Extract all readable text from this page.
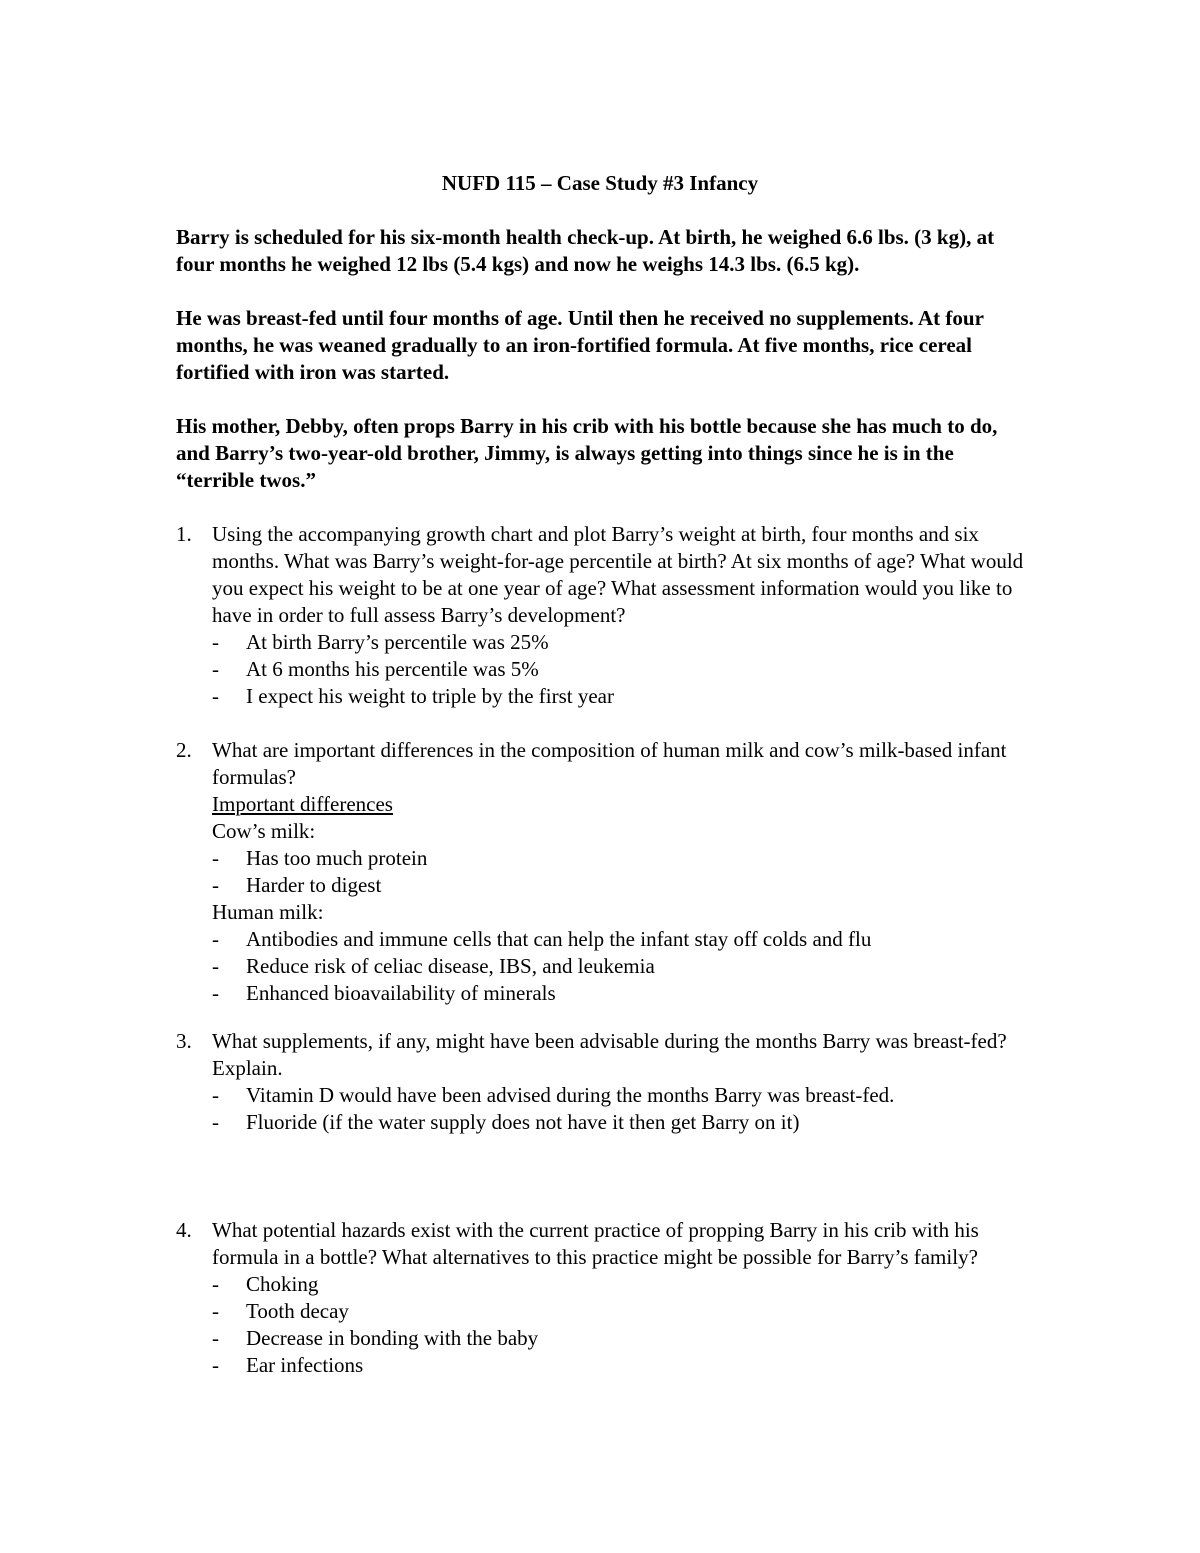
NUFD 115 – Case Study #3 Infancy
Barry is scheduled for his six-month health check-up. At birth, he weighed 6.6 lbs. (3 kg), at four months he weighed 12 lbs (5.4 kgs) and now he weighs 14.3 lbs. (6.5 kg).
He was breast-fed until four months of age. Until then he received no supplements. At four months, he was weaned gradually to an iron-fortified formula. At five months, rice cereal fortified with iron was started.
His mother, Debby, often props Barry in his crib with his bottle because she has much to do, and Barry’s two-year-old brother, Jimmy, is always getting into things since he is in the “terrible twos.”
1. Using the accompanying growth chart and plot Barry’s weight at birth, four months and six months. What was Barry’s weight-for-age percentile at birth? At six months of age? What would you expect his weight to be at one year of age? What assessment information would you like to have in order to full assess Barry’s development?
- At birth Barry’s percentile was 25%
- At 6 months his percentile was 5%
- I expect his weight to triple by the first year
2. What are important differences in the composition of human milk and cow’s milk-based infant formulas?
Important differences
Cow’s milk:
- Has too much protein
- Harder to digest
Human milk:
- Antibodies and immune cells that can help the infant stay off colds and flu
- Reduce risk of celiac disease, IBS, and leukemia
- Enhanced bioavailability of minerals
3. What supplements, if any, might have been advisable during the months Barry was breast-fed? Explain.
- Vitamin D would have been advised during the months Barry was breast-fed.
- Fluoride (if the water supply does not have it then get Barry on it)
4. What potential hazards exist with the current practice of propping Barry in his crib with his formula in a bottle? What alternatives to this practice might be possible for Barry’s family?
- Choking
- Tooth decay
- Decrease in bonding with the baby
- Ear infections
